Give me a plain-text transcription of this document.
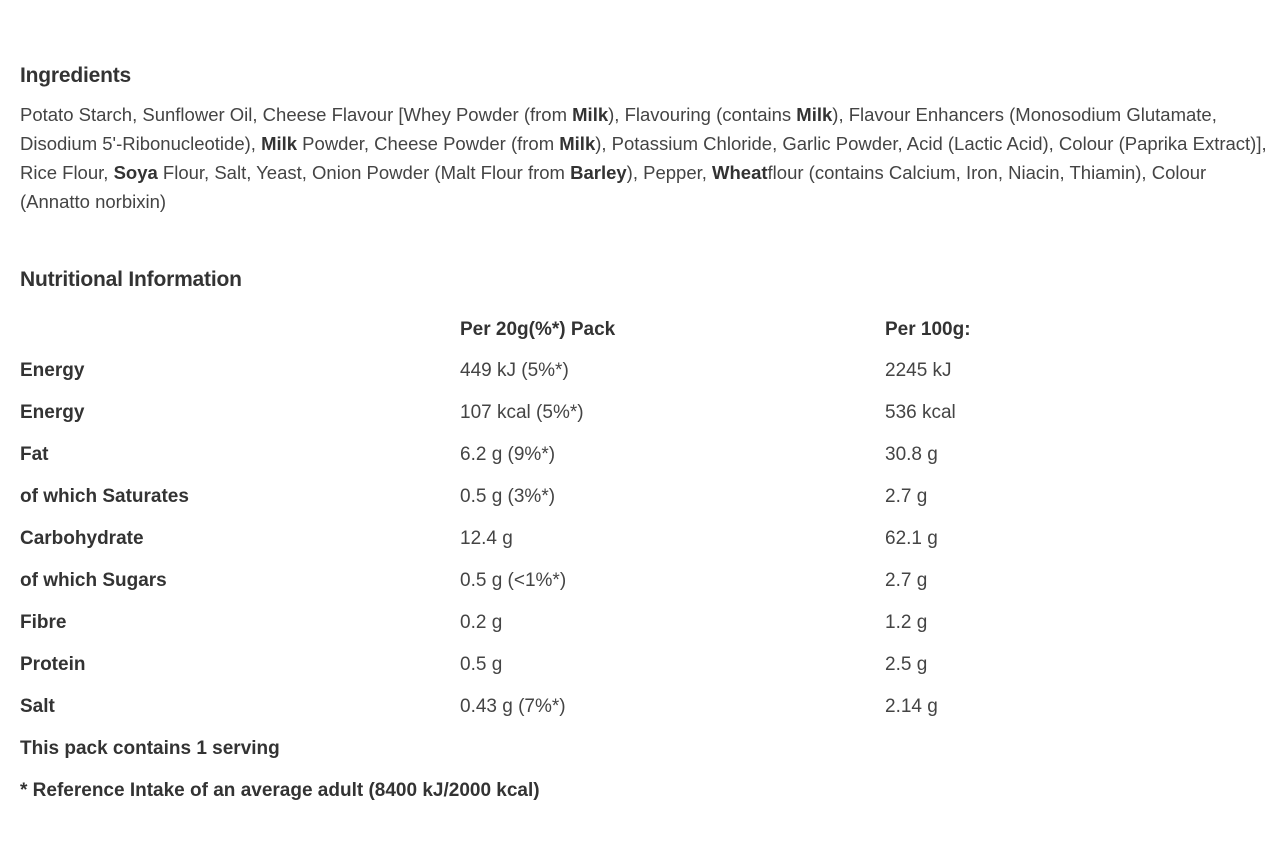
Ingredients

Potato Starch, Sunflower Oil, Cheese Flavour [Whey Powder (from Milk), Flavouring (contains Milk), Flavour Enhancers (Monosodium Glutamate, Disodium 5'-Ribonucleotide), Milk Powder, Cheese Powder (from Milk), Potassium Chloride, Garlic Powder, Acid (Lactic Acid), Colour (Paprika Extract)], Rice Flour, Soya Flour, Salt, Yeast, Onion Powder (Malt Flour from Barley), Pepper, Wheatflour (contains Calcium, Iron, Niacin, Thiamin), Colour (Annatto norbixin)

Nutritional Information
	Per 20g(%*) Pack	Per 100g:
Energy	449 kJ (5%*)	2245 kJ
Energy	107 kcal (5%*)	536 kcal
Fat	6.2 g (9%*)	30.8 g
of which Saturates	0.5 g (3%*)	2.7 g
Carbohydrate	12.4 g	62.1 g
of which Sugars	0.5 g (<1%*)	2.7 g
Fibre	0.2 g	1.2 g
Protein	0.5 g	2.5 g
Salt	0.43 g (7%*)	2.14 g

This pack contains 1 serving

* Reference Intake of an average adult (8400 kJ/2000 kcal)
